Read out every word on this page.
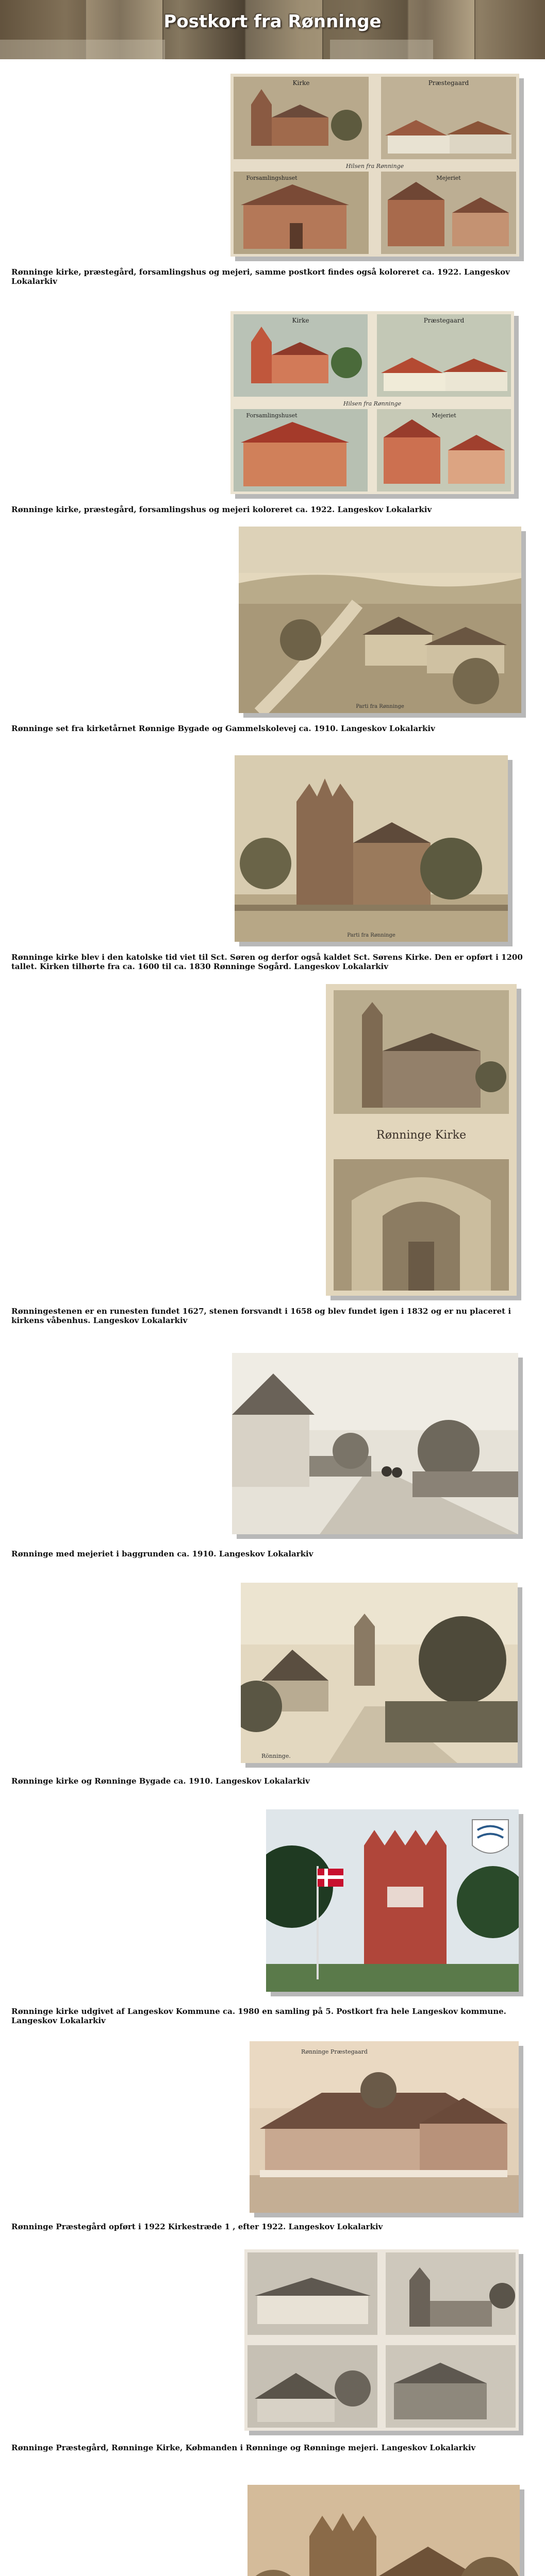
Postkort fra Rønninge
Kirke	Præstegaard
Forsamlingshuset	Mejeriet
Hilsen fra Rønninge

Rønninge kirke, præstegård, forsamlingshus og mejeri, samme postkort findes også koloreret ca. 1922. Langeskov Lokalarkiv

Kirke	Præstegaard
Forsamlingshuset	Mejeriet
Hilsen fra Rønninge

Rønninge kirke, præstegård, forsamlingshus og mejeri koloreret ca. 1922. Langeskov Lokalarkiv

Parti fra Rønninge

Rønninge set fra kirketårnet Rønnige Bygade og Gammelskolevej ca. 1910. Langeskov Lokalarkiv

Parti fra Rønninge

Rønninge kirke blev i den katolske tid viet til Sct. Søren og derfor også kaldet Sct. Sørens Kirke. Den er opført i 1200 tallet. Kirken tilhørte fra ca. 1600 til ca. 1830 Rønninge Sogård. Langeskov Lokalarkiv

Rønninge Kirke

Rønningestenen er en runesten fundet 1627, stenen forsvandt i 1658 og blev fundet igen i 1832 og er nu placeret i kirkens våbenhus. Langeskov Lokalarkiv

Rønninge med mejeriet i baggrunden ca. 1910. Langeskov Lokalarkiv

Rönninge.

Rønninge kirke og Rønninge Bygade ca. 1910. Langeskov Lokalarkiv

Rønninge kirke udgivet af Langeskov Kommune ca. 1980 en samling på 5. Postkort fra hele Langeskov kommune. Langeskov Lokalarkiv

Rønninge Præstegaard

Rønninge Præstegård opført i 1922 Kirkestræde 1 , efter 1922. Langeskov Lokalarkiv

Rønninge Præstegård, Rønninge Kirke, Købmanden i Rønninge og Rønninge mejeri. Langeskov Lokalarkiv
